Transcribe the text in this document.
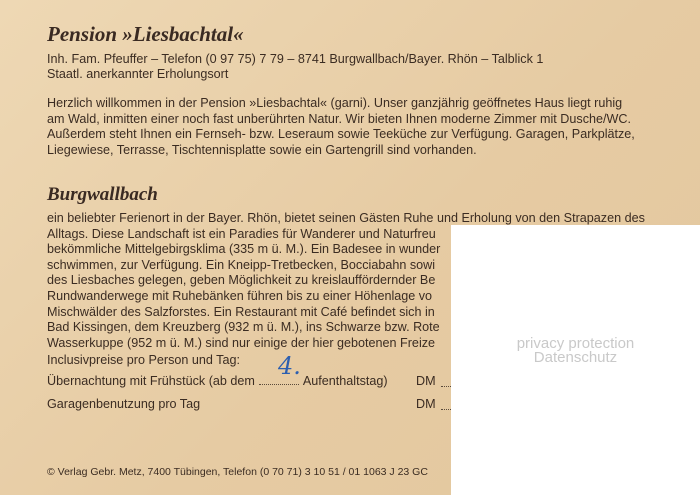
Pension »Liesbachtal«

Inh. Fam. Pfeuffer – Telefon (0 97 75) 7 79 – 8741 Burgwallbach/Bayer. Rhön – Talblick 1

Staatl. anerkannter Erholungsort

Herzlich willkommen in der Pension »Liesbachtal« (garni). Unser ganzjährig geöffnetes Haus liegt ruhig
am Wald, inmitten einer noch fast unberührten Natur. Wir bieten Ihnen moderne Zimmer mit Dusche/WC.
Außerdem steht Ihnen ein Fernseh- bzw. Leseraum sowie Teeküche zur Verfügung. Garagen, Parkplätze,
Liegewiese, Terrasse, Tischtennisplatte sowie ein Gartengrill sind vorhanden.
Burgwallbach
ein beliebter Ferienort in der Bayer. Rhön, bietet seinen Gästen Ruhe und Erholung von den Strapazen des
Alltags. Diese Landschaft ist ein Paradies für Wanderer und Naturfreu
bekömmliche Mittelgebirgsklima (335 m ü. M.). Ein Badesee in wunder
schwimmen, zur Verfügung. Ein Kneipp-Tretbecken, Bocciabahn sowi
des Liesbaches gelegen, geben Möglichkeit zu kreislauffördernder Be
Rundwanderwege mit Ruhebänken führen bis zu einer Höhenlage vo
Mischwälder des Salzforstes. Ein Restaurant mit Café befindet sich in
Bad Kissingen, dem Kreuzberg (932 m ü. M.), ins Schwarze bzw. Rote
Wasserkuppe (952 m ü. M.) sind nur einige der hier gebotenen Freize
Inclusivpreise pro Person und Tag:
Übernachtung mit Frühstück (ab dem	Aufenthaltstag) DM
Garagenbenutzung pro Tag	DM
4.
© Verlag Gebr. Metz, 7400 Tübingen, Telefon (0 70 71) 3 10 51 / 01 1063 J 23 GC
privacy protection
Datenschutz
